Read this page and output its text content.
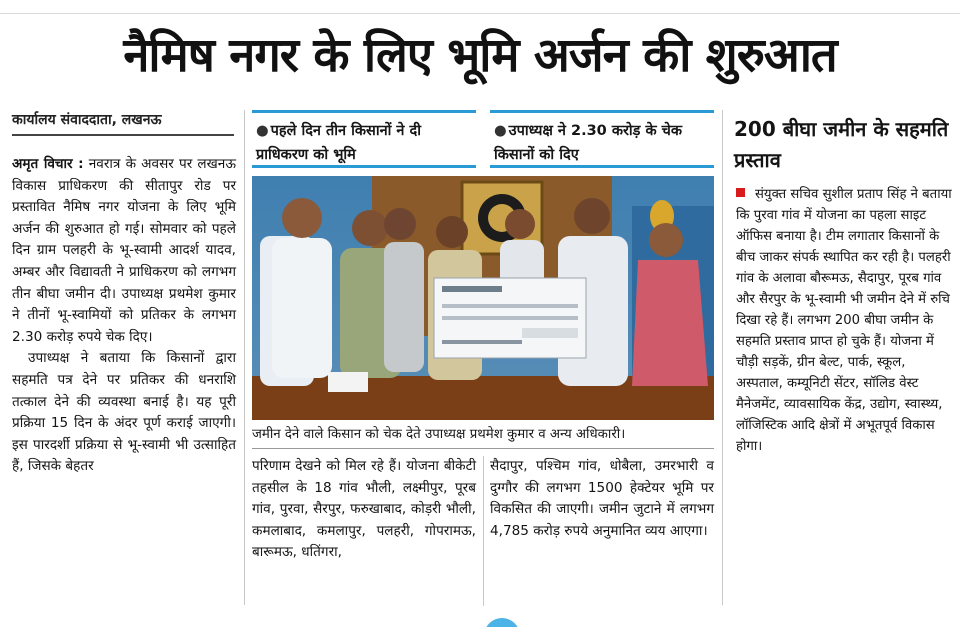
नैमिष नगर के लिए भूमि अर्जन की शुरुआत
कार्यालय संवाददाता, लखनऊ

अमृत विचार : नवरात्र के अवसर पर लखनऊ विकास प्राधिकरण की सीतापुर रोड पर प्रस्तावित नैमिष नगर योजना के लिए भूमि अर्जन की शुरुआत हो गई। सोमवार को पहले दिन ग्राम पलहरी के भू-स्वामी आदर्श यादव, अम्बर और विद्यावती ने प्राधिकरण को लगभग तीन बीघा जमीन दी। उपाध्यक्ष प्रथमेश कुमार ने तीनों भू-स्वामियों को प्रतिकर के लगभग 2.30 करोड़ रुपये चेक दिए।

उपाध्यक्ष ने बताया कि किसानों द्वारा सहमति पत्र देने पर प्रतिकर की धनराशि तत्काल देने की व्यवस्था बनाई है। यह पूरी प्रक्रिया 15 दिन के अंदर पूर्ण कराई जाएगी। इस पारदर्शी प्रक्रिया से भू-स्वामी भी उत्साहित हैं, जिसके बेहतर

● पहले दिन तीन किसानों ने दी प्राधिकरण को भूमि
● उपाध्यक्ष ने 2.30 करोड़ के चेक किसानों को दिए
जमीन देने वाले किसान को चेक देते उपाध्यक्ष प्रथमेश कुमार व अन्य अधिकारी।

परिणाम देखने को मिल रहे हैं। योजना बीकेटी तहसील के 18 गांव भौली, लक्ष्मीपुर, पूरब गांव, पुरवा, सैरपुर, फरुखाबाद, कोड़री भौली, कमलाबाद, कमलापुर, पलहरी, गोपरामऊ, बारूमऊ, धतिंगरा,

सैदापुर, पश्चिम गांव, धोबैला, उमरभारी व दुग्गौर की लगभग 1500 हेक्टेयर भूमि पर विकसित की जाएगी। जमीन जुटाने में लगभग 4,785 करोड़ रुपये अनुमानित व्यय आएगा।

200 बीघा जमीन के सहमति प्रस्ताव
संयुक्त सचिव सुशील प्रताप सिंह ने बताया कि पुरवा गांव में योजना का पहला साइट ऑफिस बनाया है। टीम लगातार किसानों के बीच जाकर संपर्क स्थापित कर रही है। पलहरी गांव के अलावा बौरूमऊ, सैदापुर, पूरब गांव और सैरपुर के भू-स्वामी भी जमीन देने में रुचि दिखा रहे हैं। लगभग 200 बीघा जमीन के सहमति प्रस्ताव प्राप्त हो चुके हैं। योजना में चौड़ी सड़कें, ग्रीन बेल्ट, पार्क, स्कूल, अस्पताल, कम्यूनिटी सेंटर, सॉलिड वेस्ट मैनेजमेंट, व्यावसायिक केंद्र, उद्योग, स्वास्थ्य, लॉजिस्टिक आदि क्षेत्रों में अभूतपूर्व विकास होगा।
